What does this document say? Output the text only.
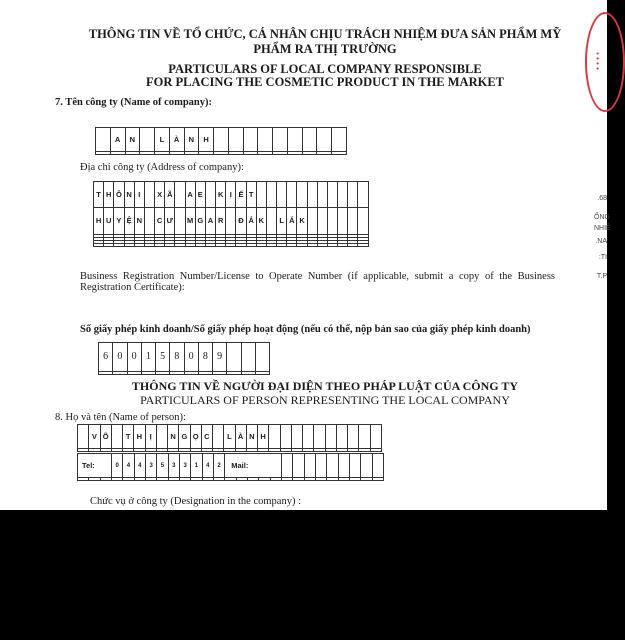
• • • •
THÔNG TIN VỀ TỔ CHỨC, CÁ NHÂN CHỊU TRÁCH NHIỆM ĐƯA SẢN PHẨM MỸ
PHẨM RA THỊ TRƯỜNG
PARTICULARS OF LOCAL COMPANY RESPONSIBLE
FOR PLACING THE COSMETIC PRODUCT IN THE MARKET
7. Tên công ty (Name of company):
	A	N		L	À	N	H									

Địa chỉ công ty (Address of company):
T	H	Ô	N	I		X	Ã		A	E		K	I	Ế	T											
H	U	Y	Ệ	N		C	Ư		M	G	A	R		Đ	Ắ	K		L	Ắ	K						

Business Registration Number/License to Operate Number (if applicable, submit a copy of the Business Registration Certificate):
Số giấy phép kinh doanh/Số giấy phép hoạt động (nếu có thể, nộp bản sao của giấy phép kinh doanh)
6	0	0	1	5	8	0	8	9			

THÔNG TIN VỀ NGƯỜI ĐẠI DIỆN THEO PHÁP LUẬT CỦA CÔNG TY
PARTICULARS OF PERSON REPRESENTING THE LOCAL COMPANY
8. Họ và tên (Name of person):
	V	Õ		T	H	Ị		N	G	Ọ	C		L	À	N	H										

Tel:			0	4	4	3	5	3	3	1	4	2	Mail:													

Chức vụ ở công ty (Designation in the company) :
.68
ỔNG
NHIỆ
.NA
:TI
T.P
